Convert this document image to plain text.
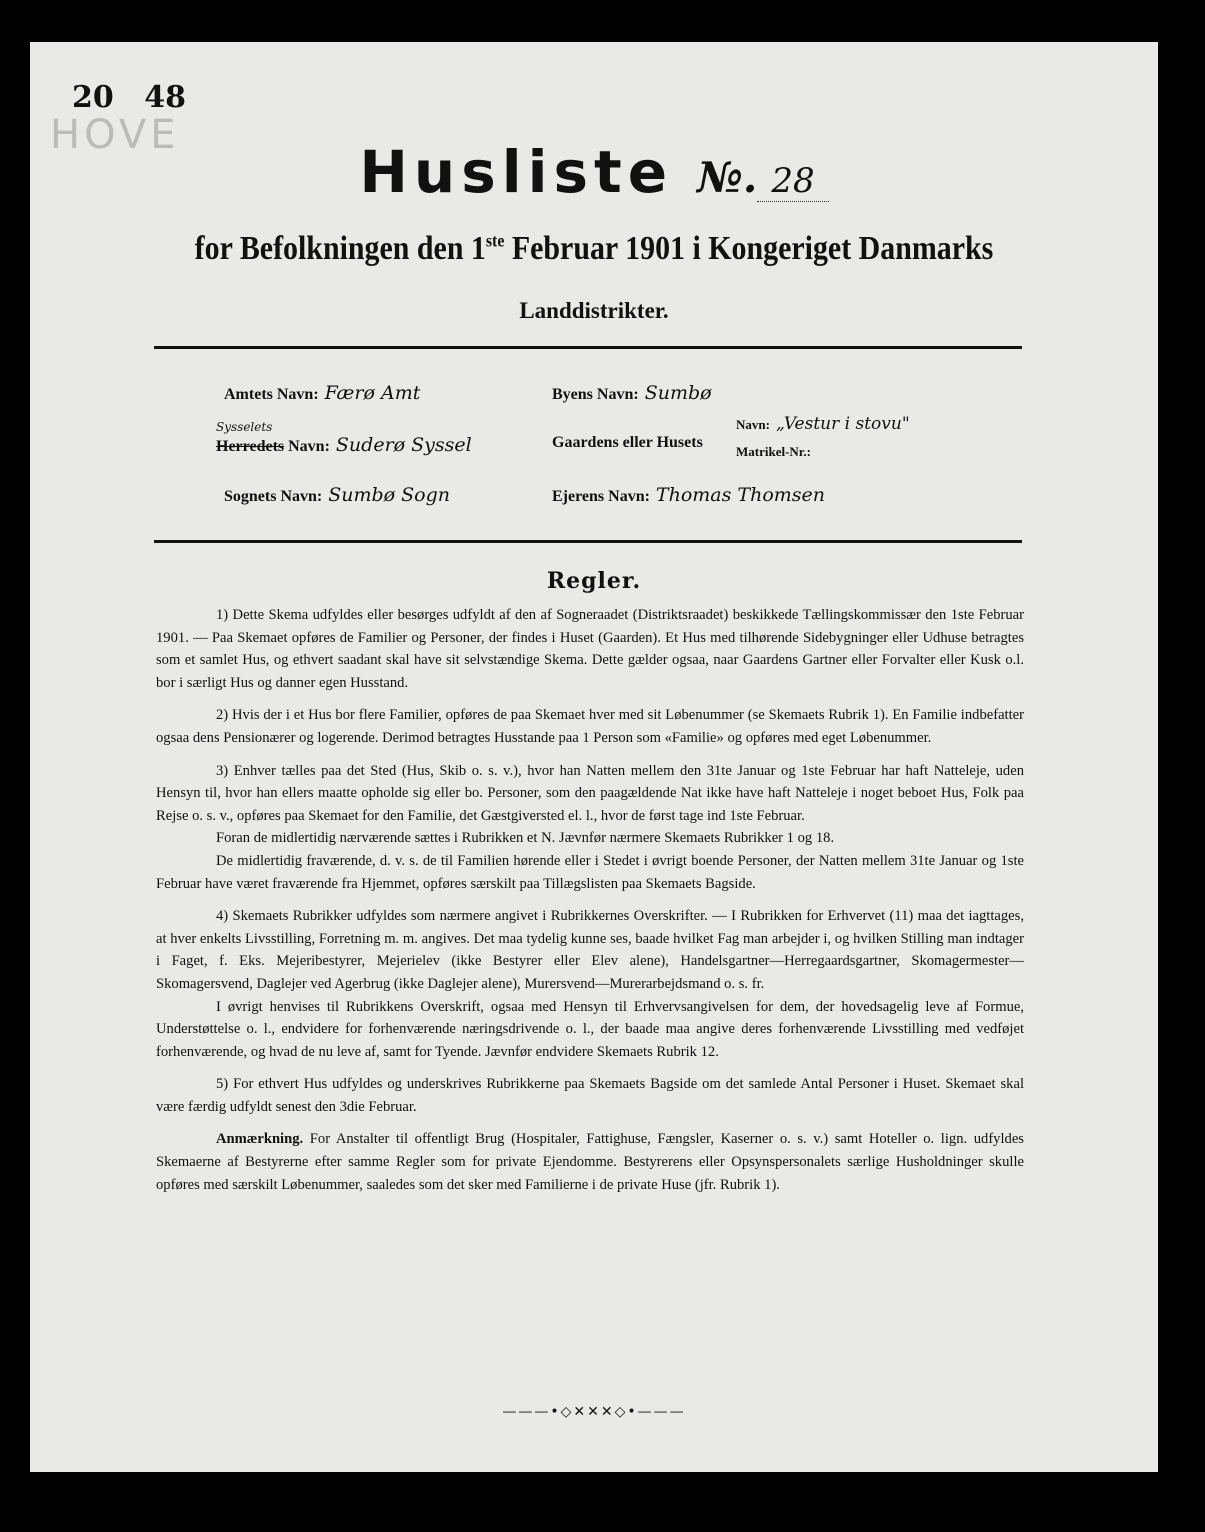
20 48
HOVE
Husliste №. 28
for Befolkningen den 1ste Februar 1901 i Kongeriget Danmarks
Landdistrikter.
Amtets Navn: Færø Amt	Byens Navn: Sumbø
Sysselets
Herredets Navn: Suderø Syssel	Gaardens eller Husets
Navn: „Vestur i stovu"
Matrikel-Nr.:
Sognets Navn: Sumbø Sogn	Ejerens Navn: Thomas Thomsen
Regler.

1) Dette Skema udfyldes eller besørges udfyldt af den af Sogneraadet (Distriktsraadet) beskikkede Tællingskommissær den 1ste Februar 1901. — Paa Skemaet opføres de Familier og Personer, der findes i Huset (Gaarden). Et Hus med tilhørende Sidebygninger eller Udhuse betragtes som et samlet Hus, og ethvert saadant skal have sit selvstændige Skema. Dette gælder ogsaa, naar Gaardens Gartner eller Forvalter eller Kusk o.l. bor i særligt Hus og danner egen Husstand.

2) Hvis der i et Hus bor flere Familier, opføres de paa Skemaet hver med sit Løbenummer (se Skemaets Rubrik 1). En Familie indbefatter ogsaa dens Pensionærer og logerende. Derimod betragtes Husstande paa 1 Person som «Familie» og opføres med eget Løbenummer.

3) Enhver tælles paa det Sted (Hus, Skib o. s. v.), hvor han Natten mellem den 31te Januar og 1ste Februar har haft Natteleje, uden Hensyn til, hvor han ellers maatte opholde sig eller bo. Personer, som den paagældende Nat ikke have haft Natteleje i noget beboet Hus, Folk paa Rejse o. s. v., opføres paa Skemaet for den Familie, det Gæstgiversted el. l., hvor de først tage ind 1ste Februar.

Foran de midlertidig nærværende sættes i Rubrikken et N. Jævnfør nærmere Skemaets Rubrikker 1 og 18.

De midlertidig fraværende, d. v. s. de til Familien hørende eller i Stedet i øvrigt boende Personer, der Natten mellem 31te Januar og 1ste Februar have været fraværende fra Hjemmet, opføres særskilt paa Tillægslisten paa Skemaets Bagside.

4) Skemaets Rubrikker udfyldes som nærmere angivet i Rubrikkernes Overskrifter. — I Rubrikken for Erhvervet (11) maa det iagttages, at hver enkelts Livsstilling, Forretning m. m. angives. Det maa tydelig kunne ses, baade hvilket Fag man arbejder i, og hvilken Stilling man indtager i Faget, f. Eks. Mejeribestyrer, Mejerielev (ikke Bestyrer eller Elev alene), Handelsgartner—Herregaardsgartner, Skomagermester—Skomagersvend, Daglejer ved Agerbrug (ikke Daglejer alene), Murersvend—Murerarbejdsmand o. s. fr.

I øvrigt henvises til Rubrikkens Overskrift, ogsaa med Hensyn til Erhvervsangivelsen for dem, der hovedsagelig leve af Formue, Understøttelse o. l., endvidere for forhenværende næringsdrivende o. l., der baade maa angive deres forhenværende Livsstilling med vedføjet forhenværende, og hvad de nu leve af, samt for Tyende. Jævnfør endvidere Skemaets Rubrik 12.

5) For ethvert Hus udfyldes og underskrives Rubrikkerne paa Skemaets Bagside om det samlede Antal Personer i Huset. Skemaet skal være færdig udfyldt senest den 3die Februar.

Anmærkning. For Anstalter til offentligt Brug (Hospitaler, Fattighuse, Fængsler, Kaserner o. s. v.) samt Hoteller o. lign. udfyldes Skemaerne af Bestyrerne efter samme Regler som for private Ejendomme. Bestyrerens eller Opsynspersonalets særlige Husholdninger skulle opføres med særskilt Løbenummer, saaledes som det sker med Familierne i de private Huse (jfr. Rubrik 1).

———•◇✕✕✕◇•———
5-1
